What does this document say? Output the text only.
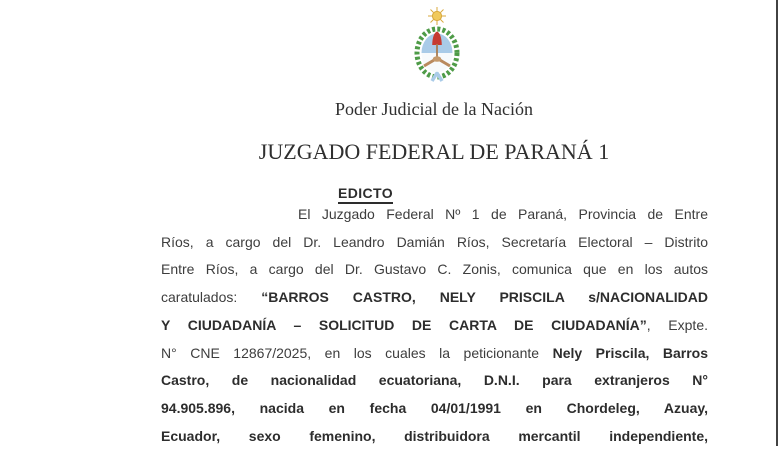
Poder Judicial de la Nación
JUZGADO FEDERAL DE PARANÁ 1
EDICTO
El Juzgado Federal Nº 1 de Paraná, Provincia de Entre
Ríos, a cargo del Dr. Leandro Damián Ríos, Secretaría Electoral – Distrito
Entre Ríos, a cargo del Dr. Gustavo C. Zonis, comunica que en los autos
caratulados: “BARROS CASTRO, NELY PRISCILA s/NACIONALIDAD
Y CIUDADANÍA – SOLICITUD DE CARTA DE CIUDADANÍA”, Expte.
N° CNE 12867/2025, en los cuales la peticionante Nely Priscila, Barros
Castro, de nacionalidad ecuatoriana, D.N.I. para extranjeros N°
94.905.896, nacida en fecha 04/01/1991 en Chordeleg, Azuay,
Ecuador, sexo femenino, distribuidora mercantil independiente,
